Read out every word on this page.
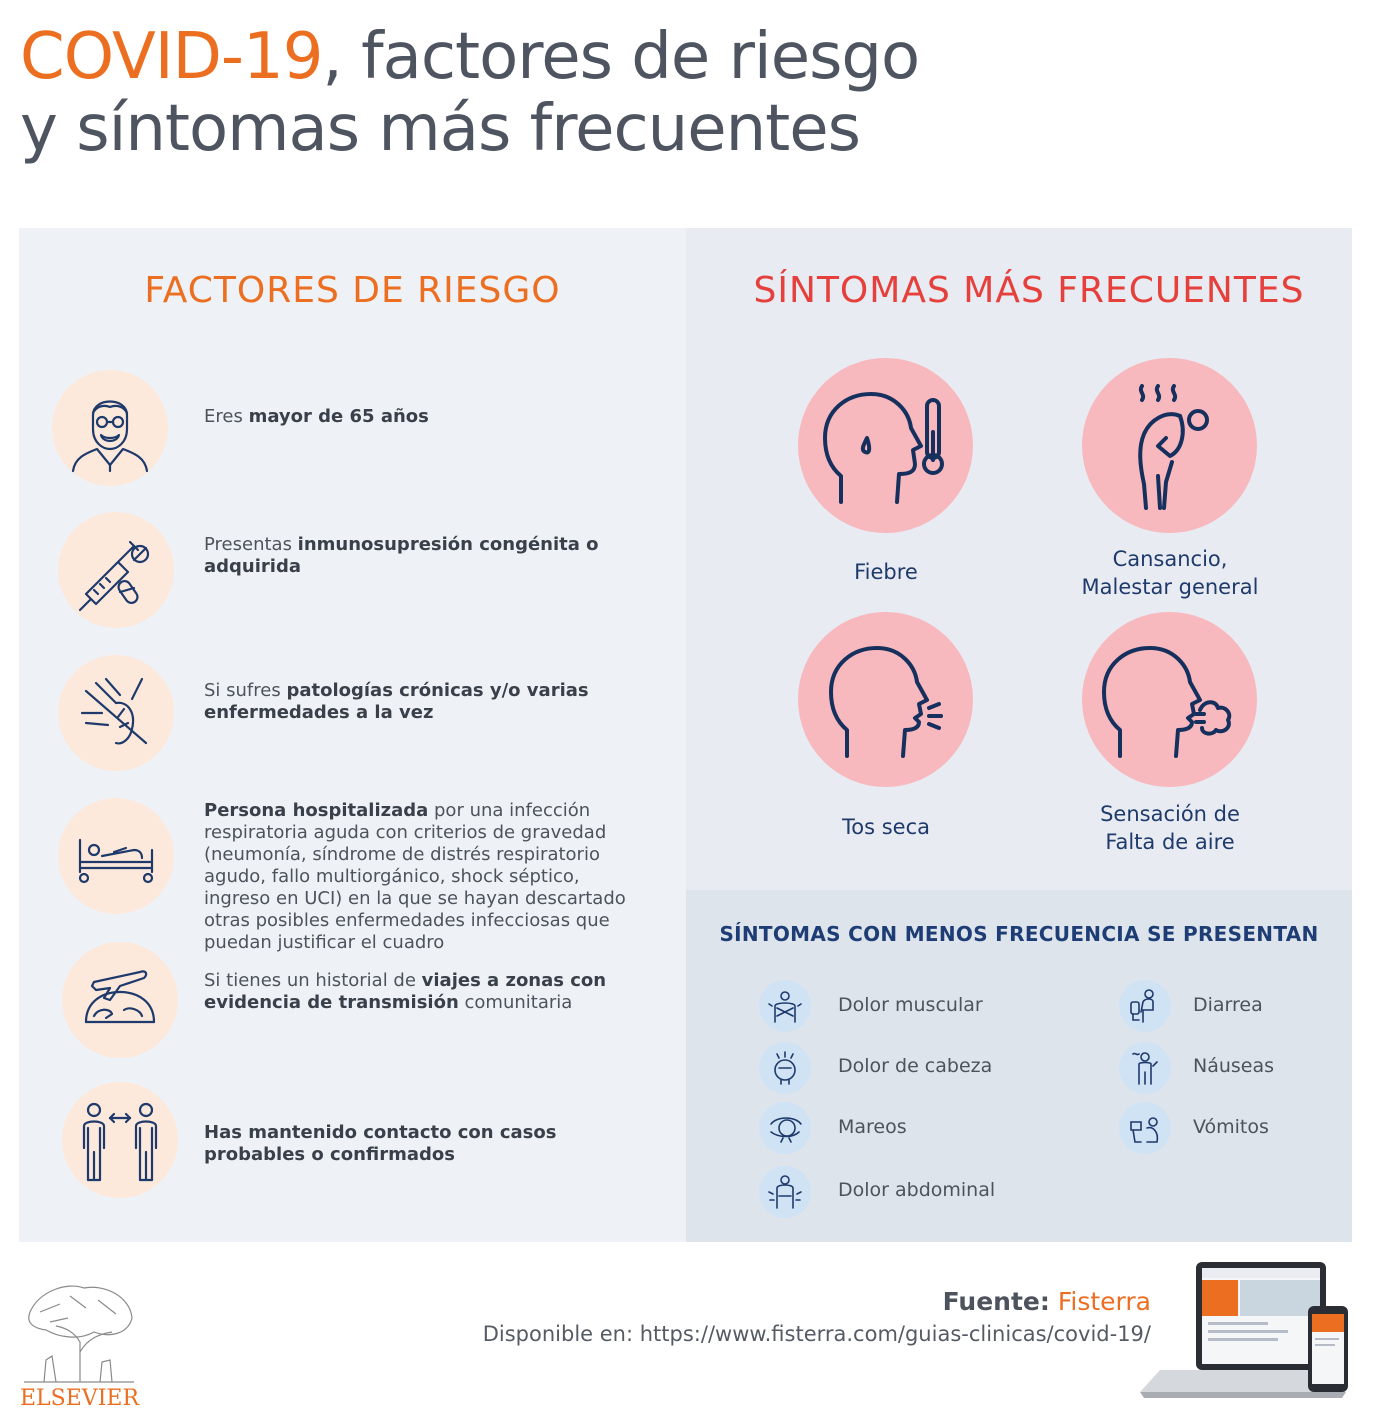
COVID-19, factores de riesgo
y síntomas más frecuentes
FACTORES DE RIESGO	SÍNTOMAS MÁS FRECUENTES
Eres mayor de 65 años
Presentas inmunosupresión congénita o adquirida
Si sufres patologías crónicas y/o varias enfermedades a la vez
Persona hospitalizada por una infección respiratoria aguda con criterios de gravedad (neumonía, síndrome de distrés respiratorio agudo, fallo multiorgánico, shock séptico, ingreso en UCI) en la que se hayan descartado otras posibles enfermedades infecciosas que puedan justificar el cuadro
Si tienes un historial de viajes a zonas con evidencia de transmisión comunitaria
Has mantenido contacto con casos probables o confirmados
Fiebre
Cansancio,
Malestar general
Tos seca
Sensación de
Falta de aire
SÍNTOMAS CON MENOS FRECUENCIA SE PRESENTAN
Dolor muscular
Dolor de cabeza
Mareos
Dolor abdominal
Diarrea
Náuseas
Vómitos
ELSEVIER
Fuente: Fisterra
Disponible en: https://www.fisterra.com/guias-clinicas/covid-19/
